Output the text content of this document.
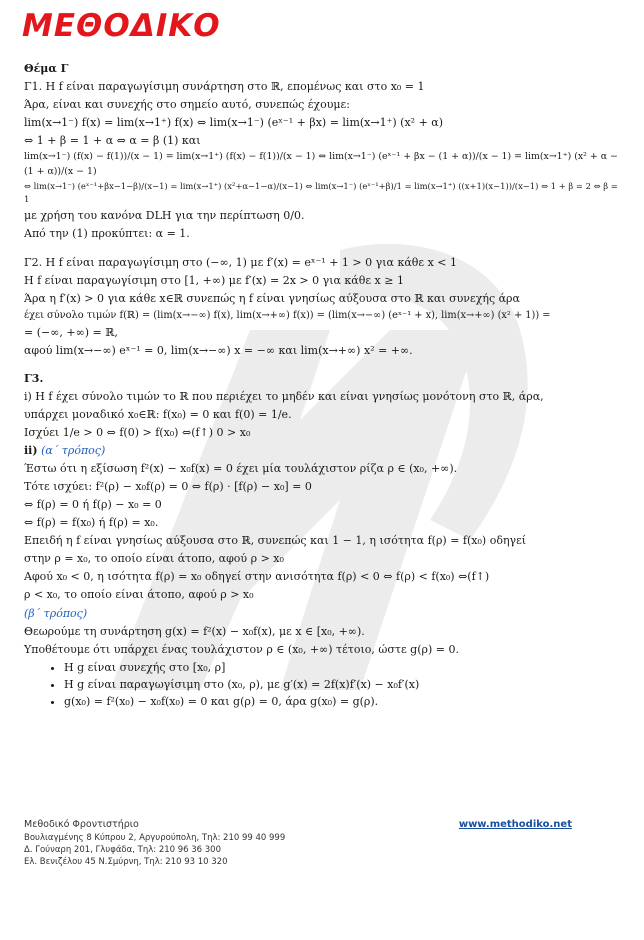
ΜΕΘΟΔΙΚΟ

Θέμα Γ

Γ1. Η f είναι παραγωγίσιμη συνάρτηση στο ℝ, επομένως και στο x₀ = 1

Άρα, είναι και συνεχής στο σημείο αυτό, συνεπώς έχουμε:

lim(x→1⁻) f(x) = lim(x→1⁺) f(x) ⇔ lim(x→1⁻) (eˣ⁻¹ + βx) = lim(x→1⁺) (x² + α)

⇔ 1 + β = 1 + α ⇔ α = β (1) και

lim(x→1⁻) (f(x) − f(1))/(x − 1) = lim(x→1⁺) (f(x) − f(1))/(x − 1) ⇔ lim(x→1⁻) (eˣ⁻¹ + βx − (1 + α))/(x − 1) = lim(x→1⁺) (x² + α − (1 + α))/(x − 1)

⇔ lim(x→1⁻) (eˣ⁻¹+βx−1−β)/(x−1) = lim(x→1⁺) (x²+α−1−α)/(x−1) ⇔ lim(x→1⁻) (eˣ⁻¹+β)/1 = lim(x→1⁺) ((x+1)(x−1))/(x−1) ⇔ 1 + β = 2 ⇔ β = 1

με χρήση του κανόνα DLH για την περίπτωση 0/0.

Από την (1) προκύπτει: α = 1.

Γ2. Η f είναι παραγωγίσιμη στο (−∞, 1) με f′(x) = eˣ⁻¹ + 1 > 0 για κάθε x < 1

Η f είναι παραγωγίσιμη στο [1, +∞) με f′(x) = 2x > 0 για κάθε x ≥ 1

Άρα η f′(x) > 0 για κάθε x∈ℝ συνεπώς η f είναι γνησίως αύξουσα στο ℝ και συνεχής άρα

έχει σύνολο τιμών f(ℝ) = (lim(x→−∞) f(x), lim(x→+∞) f(x)) = (lim(x→−∞) (eˣ⁻¹ + x), lim(x→+∞) (x² + 1)) =

= (−∞, +∞) = ℝ,

αφού lim(x→−∞) eˣ⁻¹ = 0, lim(x→−∞) x = −∞ και lim(x→+∞) x² = +∞.

Γ3.

i) Η f έχει σύνολο τιμών το ℝ που περιέχει το μηδέν και είναι γνησίως μονότονη στο ℝ, άρα,

υπάρχει μοναδικό x₀∈ℝ: f(x₀) = 0 και f(0) = 1/e.

Ισχύει 1/e > 0 ⇔ f(0) > f(x₀) ⇔(f↑) 0 > x₀

ii) (α΄ τρόπος)

Έστω ότι η εξίσωση f²(x) − x₀f(x) = 0 έχει μία τουλάχιστον ρίζα ρ ∈ (x₀, +∞).

Τότε ισχύει: f²(ρ) − x₀f(ρ) = 0 ⇔ f(ρ) · [f(ρ) − x₀] = 0

⇔ f(ρ) = 0 ή f(ρ) − x₀ = 0

⇔ f(ρ) = f(x₀) ή f(ρ) = x₀.

Επειδή η f είναι γνησίως αύξουσα στο ℝ, συνεπώς και 1 − 1, η ισότητα f(ρ) = f(x₀) οδηγεί

στην ρ = x₀, το οποίο είναι άτοπο, αφού ρ > x₀

Αφού x₀ < 0, η ισότητα f(ρ) = x₀ οδηγεί στην ανισότητα f(ρ) < 0 ⇔ f(ρ) < f(x₀) ⇔(f↑)

ρ < x₀, το οποίο είναι άτοπο, αφού ρ > x₀

(β΄ τρόπος)

Θεωρούμε τη συνάρτηση g(x) = f²(x) − x₀f(x), με x ∈ [x₀, +∞).

Υποθέτουμε ότι υπάρχει ένας τουλάχιστον ρ ∈ (x₀, +∞) τέτοιο, ώστε g(ρ) = 0.

• Η g είναι συνεχής στο [x₀, ρ]
• Η g είναι παραγωγίσιμη στο (x₀, ρ), με g′(x) = 2f(x)f′(x) − x₀f′(x)
• g(x₀) = f²(x₀) − x₀f(x₀) = 0 και g(ρ) = 0, άρα g(x₀) = g(ρ).
Μεθοδικό Φροντιστήριο
Βουλιαγμένης 8 Κύπρου 2, Αργυρούπολη, Τηλ: 210 99 40 999
Δ. Γούναρη 201, Γλυφάδα, Τηλ: 210 96 36 300
Ελ. Βενιζέλου 45 Ν.Σμύρνη, Τηλ: 210 93 10 320
www.methodiko.net
